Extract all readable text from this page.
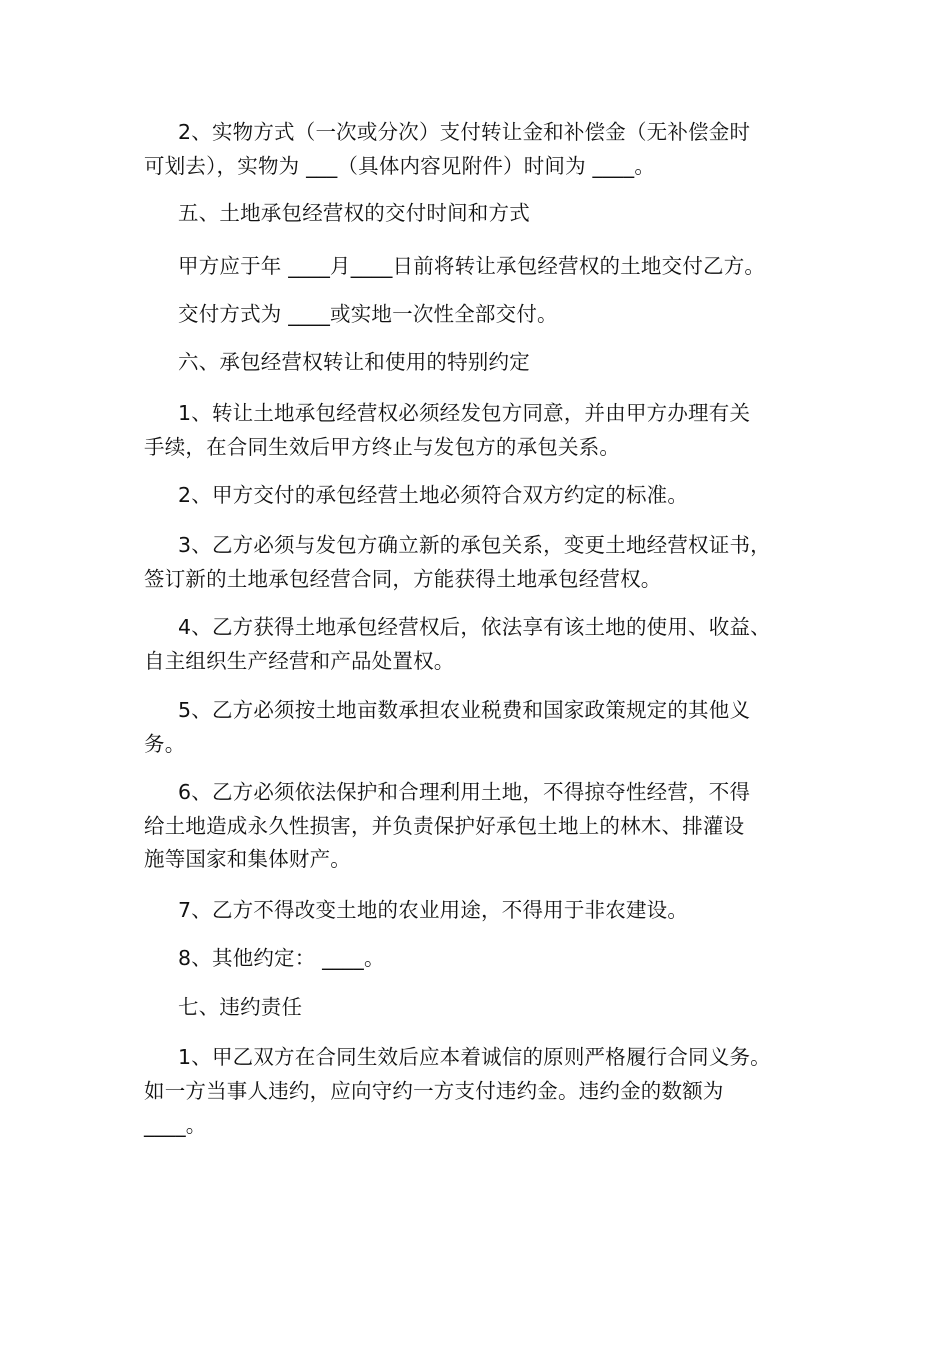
2、实物方式（一次或分次）支付转让金和补偿金（无补偿金时

可划去），实物为 ___（具体内容见附件）时间为 ____。

五、土地承包经营权的交付时间和方式

甲方应于年 ____月____日前将转让承包经营权的土地交付乙方。

交付方式为 ____或实地一次性全部交付。

六、承包经营权转让和使用的特别约定

1、转让土地承包经营权必须经发包方同意，并由甲方办理有关

手续，在合同生效后甲方终止与发包方的承包关系。

2、甲方交付的承包经营土地必须符合双方约定的标准。

3、乙方必须与发包方确立新的承包关系，变更土地经营权证书，

签订新的土地承包经营合同，方能获得土地承包经营权。

4、乙方获得土地承包经营权后，依法享有该土地的使用、收益、

自主组织生产经营和产品处置权。

5、乙方必须按土地亩数承担农业税费和国家政策规定的其他义

务。

6、乙方必须依法保护和合理利用土地，不得掠夺性经营，不得

给土地造成永久性损害，并负责保护好承包土地上的林木、排灌设

施等国家和集体财产。

7、乙方不得改变土地的农业用途，不得用于非农建设。

8、其他约定： ____。

七、违约责任

1、甲乙双方在合同生效后应本着诚信的原则严格履行合同义务。

如一方当事人违约，应向守约一方支付违约金。违约金的数额为

____。
